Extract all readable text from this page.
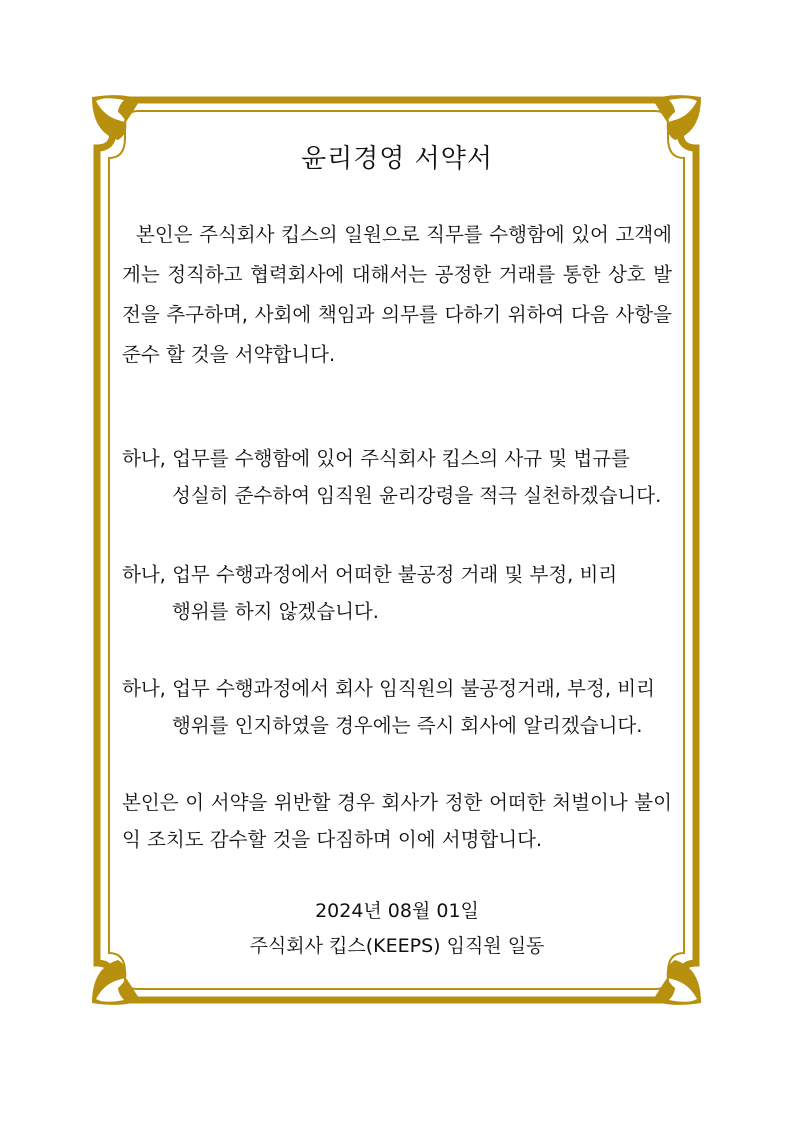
윤리경영 서약서

본인은 주식회사 킵스의 일원으로 직무를 수행함에 있어 고객에게는 정직하고 협력회사에 대해서는 공정한 거래를 통한 상호 발전을 추구하며, 사회에 책임과 의무를 다하기 위하여 다음 사항을 준수 할 것을 서약합니다.

하나, 업무를 수행함에 있어 주식회사 킵스의 사규 및 법규를
성실히 준수하여 임직원 윤리강령을 적극 실천하겠습니다.

하나, 업무 수행과정에서 어떠한 불공정 거래 및 부정, 비리
행위를 하지 않겠습니다.

하나, 업무 수행과정에서 회사 임직원의 불공정거래, 부정, 비리
행위를 인지하였을 경우에는 즉시 회사에 알리겠습니다.

본인은 이 서약을 위반할 경우 회사가 정한 어떠한 처벌이나 불이익 조치도 감수할 것을 다짐하며 이에 서명합니다.

2024년 08월 01일

주식회사 킵스(KEEPS) 임직원 일동
